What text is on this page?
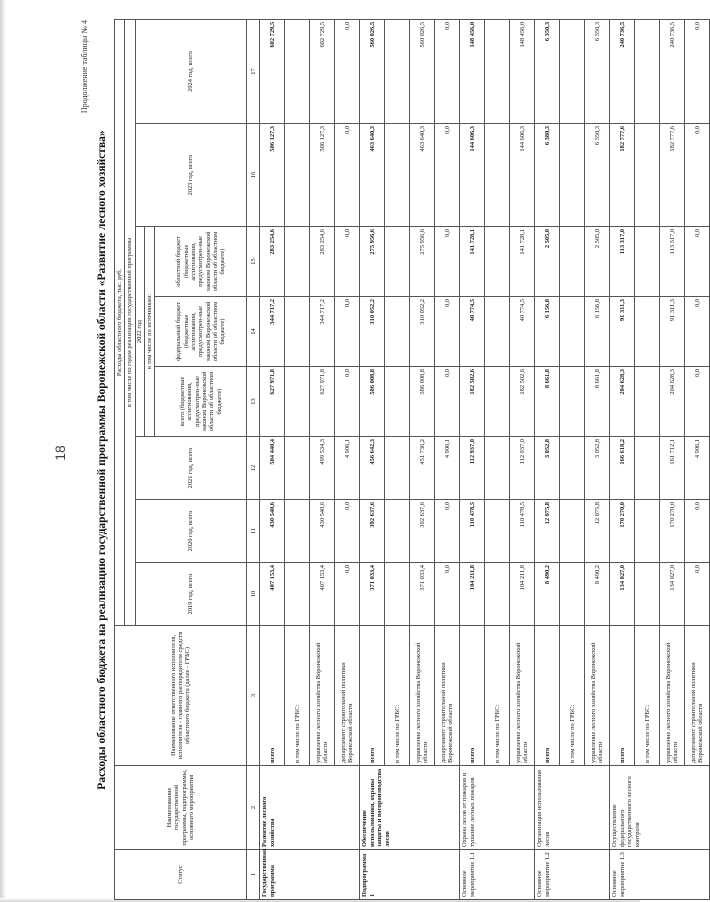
18
Продолжение таблицы № 4
Расходы областного бюджета на реализацию государственной программы Воронежской области «Развитие лесного хозяйства»
Статус	Наименование государственной программы, подпрограммы, основного мероприятия	Наименование ответственного исполнителя, исполнителя - главного распорядителя средств областного бюджета (далее - ГРБС)	Расходы областного бюджета, тыс. руб.							
			в том числе по годам реализации государственной программы							
			2019 год, всего	2020 год, всего	2021 год, всего	2022 год в том числе по источникам:			2023 год, всего	2024 год, всего
						всего (бюджетные ассигнования, предусмотрен-ные законом Воронежской области об областном бюджете)	федеральный бюджет (бюджетные ассигнования, предусмотрен-ные законом Воронежской области об областном бюджете)	областной бюджет (бюджетные ассигнования, предусмотрен-ные законом Воронежской области об областном бюджете)		
1	2	3	10	11	12	13	14	15	16	17
Государственная программа	Развитие лесного хозяйства	всего	407 153,4	430 540,6	504 440,4	627 971,8	344 717,2	283 254,6	506 127,3	602 729,5
		в том числе по ГРБС:								
		управление лесного хозяйства Воронежской области	407 153,4	430 540,6	499 534,3	627 971,8	344 717,2	283 254,6	506 127,3	602 729,5
		департамент строительной политики Воронежской области	0,0	0,0	4 906,1	0,0	0,0	0,0	0,0	0,0
Подпрограмма 1	Обеспечение использования, охраны защиты и воспроизводства лесов	всего	371 033,4	392 637,6	456 642,3	586 008,8	310 052,2	275 956,6	463 640,3	560 026,5
		в том числе по ГРБС:								
		управление лесного хозяйства Воронежской области	371 033,4	392 637,6	451 736,2	586 008,8	310 052,2	275 956,6	463 640,3	560 026,5
		департамент строительной политики Воронежской области	0,0	0,0	4 906,1	0,0	0,0	0,0	0,0	0,0
Основное мероприятие 1.1	Охрана лесов от пожаров и тушение лесных пожаров	всего	104 211,8	110 478,5	112 937,0	182 502,6	40 774,5	141 728,1	144 606,3	148 456,0
		в том числе по ГРБС:								
		управление лесного хозяйства Воронежской области	104 211,8	110 478,5	112 937,0	182 502,6	40 774,5	141 728,1	144 606,3	148 456,0
Основное мероприятие 1.2	Организация использования лесов	всего	8 490,2	12 075,8	3 052,8	8 661,8	6 156,8	2 505,0	6 380,3	6 350,3
		в том числе по ГРБС:								
		управление лесного хозяйства Воронежской области	8 490,2	12 075,8	3 052,8	8 661,8	6 156,8	2 505,0	6 350,3	6 350,3
Основное мероприятие 1.3	Осуществление федерального государственного лесного контроля	всего	134 027,0	170 270,0	166 618,2	204 628,3	91 311,3	113 317,0	182 777,6	240 736,5
		в том числе по ГРБС:								
		управление лесного хозяйства Воронежской области	134 027,0	170 270,0	161 712,1	204 628,3	91 311,3	113 317,0	182 777,6	240 736,5
		департамент строительной политики Воронежской области	0,0	0,0	4 906,1	0,0	0,0	0,0	0,0	0,0
